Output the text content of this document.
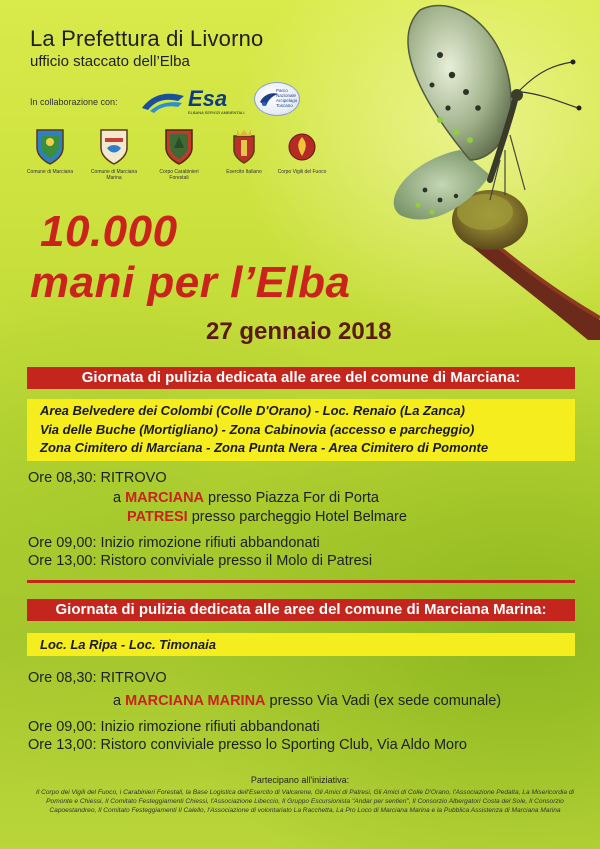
La Prefettura di Livorno
ufficio staccato dell’Elba
In collaborazione con:	Esa
ELBANA SERVIZI AMBIENTALI
Parco Nazionale Arcipelago Toscano
Comune di Marciana	Comune di Marciana Marina
Corpo Carabinieri Forestali
Esercito Italiano	Corpo Vigili del Fuoco
10.000
mani per l’Elba
27 gennaio 2018
Giornata di pulizia dedicata alle aree del comune di Marciana:
Area Belvedere dei Colombi (Colle D'Orano) - Loc. Renaio (La Zanca)
Via delle Buche (Mortigliano) - Zona Cabinovia (accesso e parcheggio)
Zona Cimitero di Marciana - Zona Punta Nera - Area Cimitero di Pomonte
Ore 08,30: RITROVO
a MARCIANA presso Piazza For di Porta
PATRESI presso parcheggio Hotel Belmare
Ore 09,00: Inizio rimozione rifiuti abbandonati
Ore 13,00: Ristoro conviviale presso il Molo di Patresi
Giornata di pulizia dedicata alle aree del comune di Marciana Marina:
Loc. La Ripa - Loc. Timonaia
Ore 08,30: RITROVO
a MARCIANA MARINA presso Via Vadi (ex sede comunale)
Ore 09,00: Inizio rimozione rifiuti abbandonati
Ore 13,00: Ristoro conviviale presso lo Sporting Club, Via Aldo Moro
Partecipano all'iniziativa:
Il Corpo dei Vigili del Fuoco, i Carabinieri Forestali, la Base Logistica dell'Esercito di Valcarene, Gli Amici di Patresi, Gli Amici di Colle D'Orano, l'Associazione Pedalta, La Misericordia di Pomonte e Chiessi, Il Comitato Festeggiamenti Chiessi, l'Associazione Libeccio, Il Gruppo Escursionista "Andar per sentieri", Il Consorzio Albergatori Costa del Sole, Il Consorzio Capoestandreo, Il Comitato Festeggiamenti Il Calello, l'Associazione di volontariato La Racchetta, La Pro Loco di Marciana Marina e la Pubblica Assistenza di Marciana Marina
